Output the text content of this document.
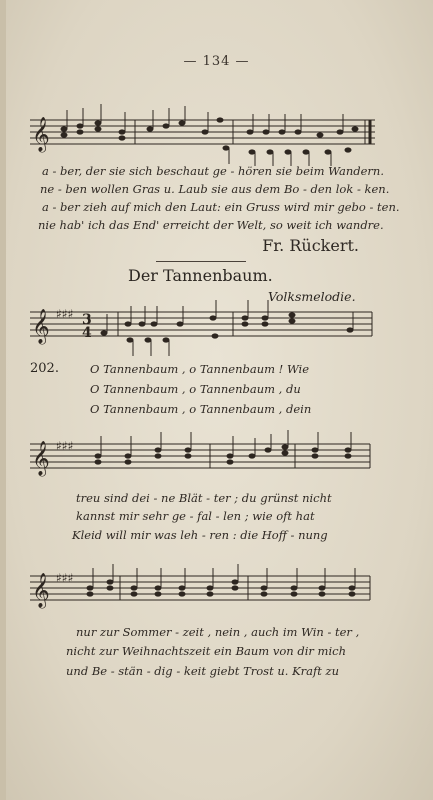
— 134 —
𝄞
a - ber, der sie sich beschaut ge - hören sie beim Wandern.
ne - ben wollen Gras u. Laub sie aus dem Bo - den lok - ken.
a - ber zieh auf mich den Laut: ein Gruss wird mir gebo - ten.
nie hab' ich das End' erreicht der Welt, so weit ich wandre.
Fr. Rückert.
Der Tannenbaum.
Volksmelodie.
𝄞 ♯♯♯ 3
4
202.	O Tannenbaum , o Tannenbaum ! Wie
O Tannenbaum , o Tannenbaum , du
O Tannenbaum , o Tannenbaum , dein
𝄞 ♯♯♯
treu sind dei - ne Blät - ter ; du grünst nicht
kannst mir sehr ge - fal - len ; wie oft hat
Kleid will mir was leh - ren : die Hoff - nung
𝄞 ♯♯♯
nur zur Sommer - zeit , nein , auch im Win - ter ,
nicht zur Weihnachtszeit ein Baum von dir mich
und Be - stän - dig - keit giebt Trost u. Kraft zu
